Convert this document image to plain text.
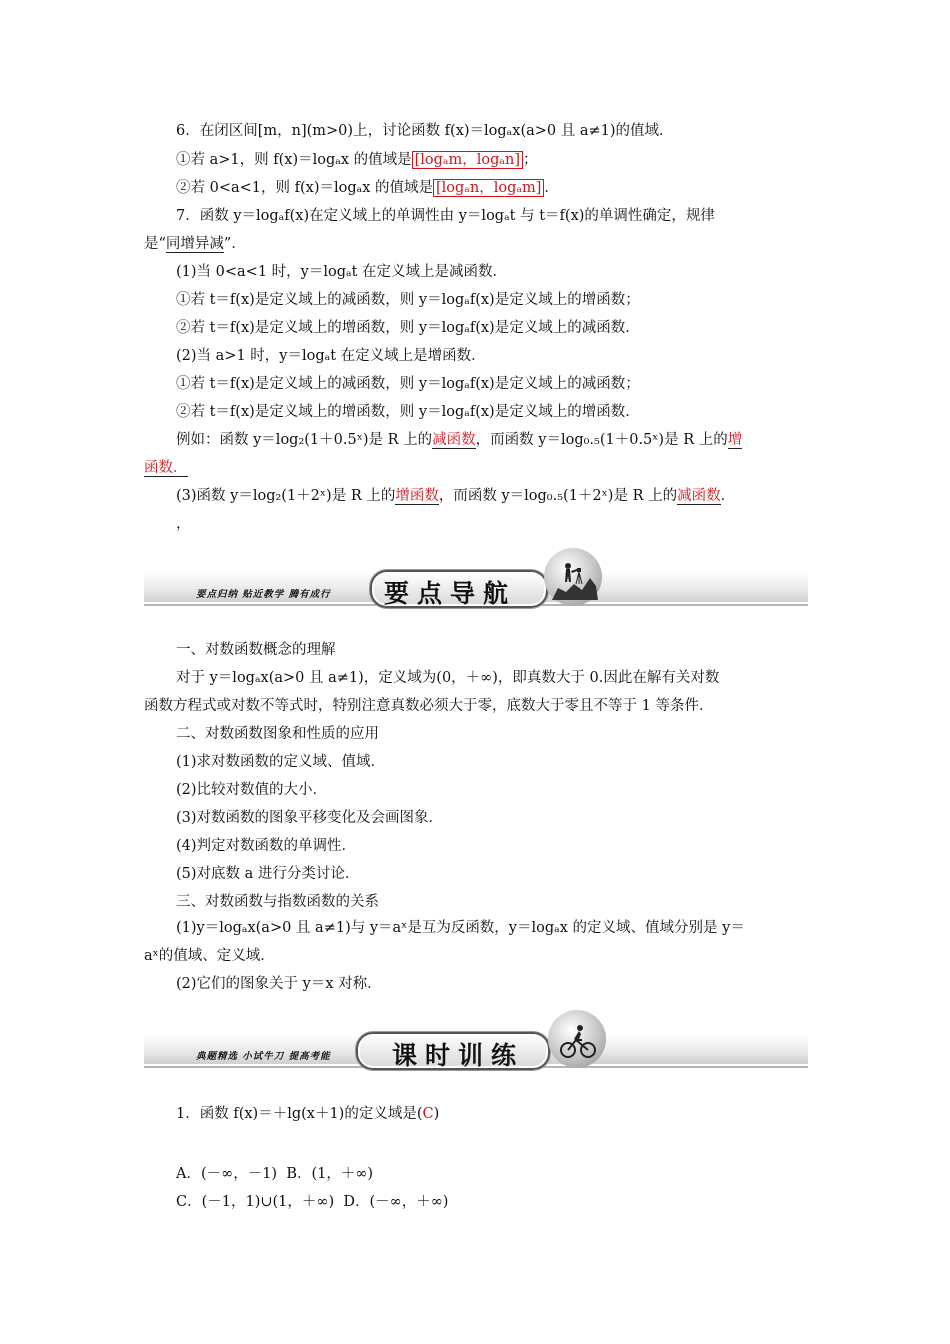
6．在闭区间[m，n](m>0)上，讨论函数 f(x)＝logₐx(a>0 且 a≠1)的值域．
①若 a>1，则 f(x)＝logₐx 的值域是 [logₐm，logₐn] ；
②若 0<a<1，则 f(x)＝logₐx 的值域是 [logₐn，logₐm] ．
7．函数 y＝logₐf(x)在定义域上的单调性由 y＝logₐt 与 t＝f(x)的单调性确定，规律
是“同增异减”．
(1)当 0<a<1 时，y＝logₐt 在定义域上是减函数．
①若 t＝f(x)是定义域上的减函数，则 y＝logₐf(x)是定义域上的增函数；
②若 t＝f(x)是定义域上的增函数，则 y＝logₐf(x)是定义域上的减函数．
(2)当 a>1 时，y＝logₐt 在定义域上是增函数．
①若 t＝f(x)是定义域上的减函数，则 y＝logₐf(x)是定义域上的减函数；
②若 t＝f(x)是定义域上的增函数，则 y＝logₐf(x)是定义域上的增函数．
例如：函数 y＝log₂(1＋0.5ˣ)是 R 上的减函数，而函数 y＝log₀.₅(1＋0.5ˣ)是 R 上的增
函数．
(3)函数 y＝log₂(1＋2ˣ)是 R 上的增函数，而函数 y＝log₀.₅(1＋2ˣ)是 R 上的减函数．
，
要点归纳 贴近教学 腾有成行 要点导航
一、对数函数概念的理解
对于 y＝logₐx(a>0 且 a≠1)，定义域为(0，＋∞)，即真数大于 0.因此在解有关对数
函数方程式或对数不等式时，特别注意真数必须大于零，底数大于零且不等于 1 等条件．
二、对数函数图象和性质的应用
(1)求对数函数的定义域、值域．
(2)比较对数值的大小．
(3)对数函数的图象平移变化及会画图象．
(4)判定对数函数的单调性．
(5)对底数 a 进行分类讨论．
三、对数函数与指数函数的关系
(1)y＝logₐx(a>0 且 a≠1)与 y＝aˣ是互为反函数，y＝logₐx 的定义域、值域分别是 y＝
aˣ的值域、定义域．
(2)它们的图象关于 y＝x 对称．
典题精选 小试牛刀 提高考能 课时训练
1．函数 f(x)＝＋lg(x＋1)的定义域是(C)
A．(－∞，－1) B．(1，＋∞)
C．(－1，1)∪(1，＋∞) D．(－∞，＋∞)
